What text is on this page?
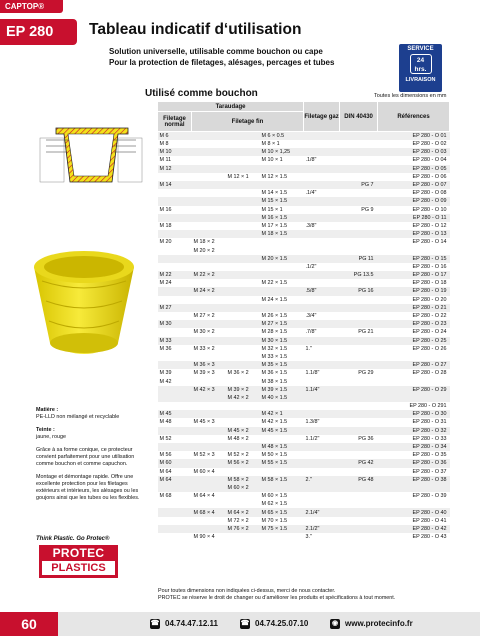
CAPTOP®
EP 280	Tableau indicatif d‘utilisation
Solution universelle, utilisable comme bouchon ou cape
Pour la protection de filetages, alésages, percages et tubes
SERVICE
24
hrs.
LIVRAISON
Utilisé comme bouchon	Toutes les dimensions en mm
Taraudage				Filetage gaz	DIN 40430	Références
Filetage normal	Filetage fin					
M 6			M 6 × 0.5			EP 280 - O 01
M 8			M 8 × 1			EP 280 - O 02
M 10			M 10 × 1,25			EP 280 - O 03
M 11			M 10 × 1	.1/8"		EP 280 - O 04
M 12						EP 280 - O 05
		M 12 × 1	M 12 × 1.5			EP 280 - O 06
M 14					PG 7	EP 280 - O 07
			M 14 × 1.5	.1/4"		EP 280 - O 08
			M 15 × 1.5			EP 280 - O 09
M 16			M 15 × 1		PG 9	EP 280 - O 10
			M 16 × 1.5			EP 280 - O 11
M 18			M 17 × 1.5	.3/8"		EP 280 - O 12
			M 18 × 1.5			EP 280 - O 13
M 20	M 18 × 2					EP 280 - O 14
	M 20 × 2					
			M 20 × 1.5		PG 11	EP 280 - O 15
				.1/2"		EP 280 - O 16
M 22	M 22 × 2				PG 13.5	EP 280 - O 17
M 24			M 22 × 1.5			EP 280 - O 18
	M 24 × 2			.5/8"	PG 16	EP 280 - O 19
			M 24 × 1.5			EP 280 - O 20
M 27						EP 280 - O 21
	M 27 × 2		M 26 × 1.5	.3/4"		EP 280 - O 22
M 30			M 27 × 1.5			EP 280 - O 23
	M 30 × 2		M 28 × 1.5	.7/8"	PG 21	EP 280 - O 24
M 33			M 30 × 1.5			EP 280 - O 25
M 36	M 33 × 2		M 32 × 1.5	1."		EP 280 - O 26
			M 33 × 1.5			
	M 36 × 3		M 35 × 1.5			EP 280 - O 27
M 39	M 39 × 3	M 36 × 2	M 36 × 1.5	1.1/8"	PG 29	EP 280 - O 28
M 42			M 38 × 1.5			
	M 42 × 3	M 39 × 2	M 39 × 1.5	1.1/4"		EP 280 - O 29
		M 42 × 2	M 40 × 1.5			
						EP 280 - O 291
M 45			M 42 × 1			EP 280 - O 30
M 48	M 45 × 3		M 42 × 1.5	1.3/8"		EP 280 - O 31
		M 45 × 2	M 45 × 1.5			EP 280 - O 32
M 52		M 48 × 2		1.1/2"	PG 36	EP 280 - O 33
			M 48 × 1.5			EP 280 - O 34
M 56	M 52 × 3	M 52 × 2	M 50 × 1.5			EP 280 - O 35
M 60		M 56 × 2	M 55 × 1.5		PG 42	EP 280 - O 36
M 64	M 60 × 4					EP 280 - O 37
M 64		M 58 × 2	M 58 × 1.5	2."	PG 48	EP 280 - O 38
		M 60 × 2				
M 68	M 64 × 4		M 60 × 1.5			EP 280 - O 39
			M 62 × 1.5			
	M 68 × 4	M 64 × 2	M 65 × 1.5	2.1/4"		EP 280 - O 40
		M 72 × 2	M 70 × 1.5			EP 280 - O 41
		M 76 × 2	M 75 × 1.5	2.1/2"		EP 280 - O 42
	M 90 × 4			3."		EP 280 - O 43

Matière :
PE-LLD non mélangé et recyclable

Teinte :
jaune, rouge

Grâce à sa forme conique, ce protecteur convient parfaitement pour une utilisation comme bouchon et comme capuchon.

Montage et démontage rapide. Offre une excellente protection pour les filetages extérieurs et intérieurs, les alésages ou les goujons ainsi que les tubes ou les flexibles.

Think Plastic. Go Protec®
PROTEC
PLASTICS
Pour toutes dimensions non indiquées ci-dessus, merci de nous contacter.
PROTEC se réserve le droit de changer ou d’améliorer les produits et spécifications à tout moment.
60	☎ 04.74.47.12.11	☎ 04.74.25.07.10	◉ www.protecinfo.fr
